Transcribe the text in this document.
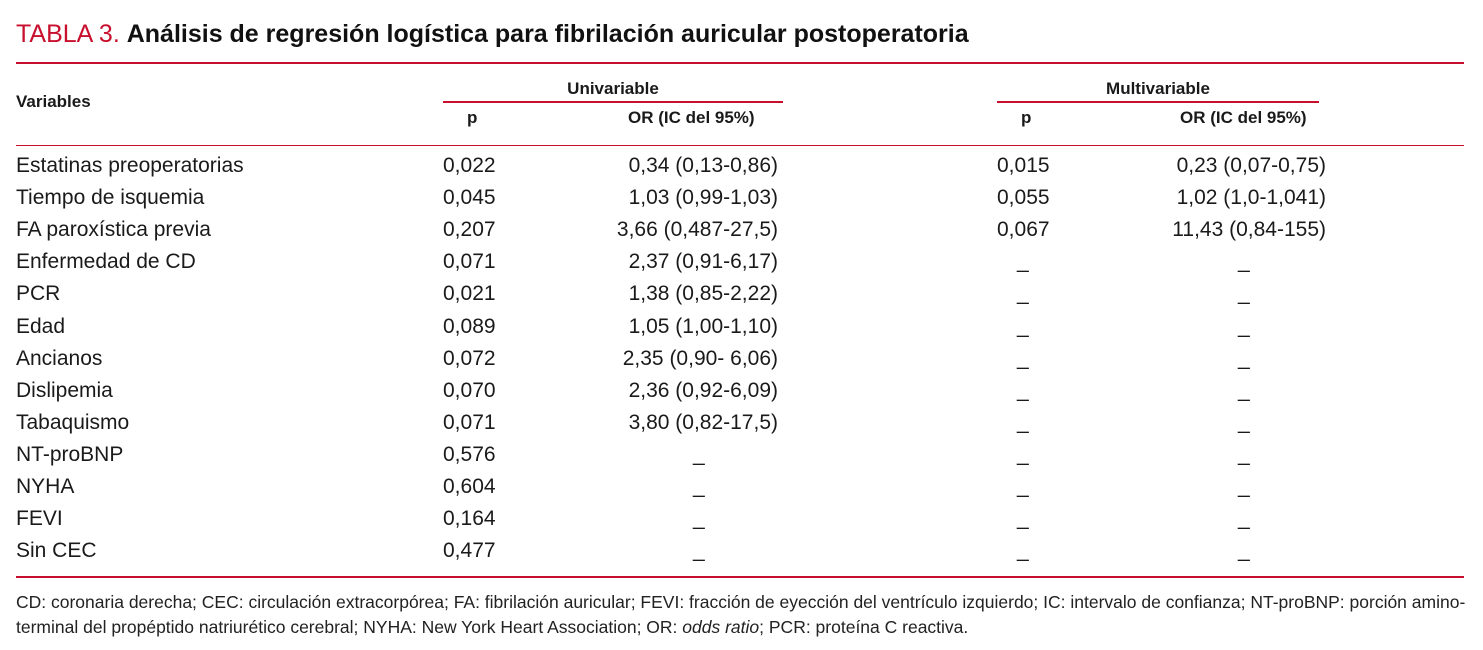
TABLA 3. Análisis de regresión logística para fibrilación auricular postoperatoria
Variables
Univariable
p	OR (IC del 95%)
Multivariable
p	OR (IC del 95%)
Estatinas preoperatorias	0,022	0,34 (0,13-0,86)	0,015	0,23 (0,07-0,75)
Tiempo de isquemia	0,045	1,03 (0,99-1,03)	0,055	1,02 (1,0-1,041)
FA paroxística previa	0,207	3,66 (0,487-27,5)	0,067	11,43 (0,84-155)
Enfermedad de CD	0,071	2,37 (0,91-6,17)	_	_
PCR	0,021	1,38 (0,85-2,22)	_	_
Edad	0,089	1,05 (1,00-1,10)	_	_
Ancianos	0,072	2,35 (0,90- 6,06)	_	_
Dislipemia	0,070	2,36 (0,92-6,09)	_	_
Tabaquismo	0,071	3,80 (0,82-17,5)	_	_
NT-proBNP	0,576	_	_	_
NYHA	0,604	_	_	_
FEVI	0,164	_	_	_
Sin CEC	0,477	_	_	_
CD: coronaria derecha; CEC: circulación extracorpórea; FA: fibrilación auricular; FEVI: fracción de eyección del ventrículo izquierdo; IC: intervalo de confianza; NT-proBNP: porción amino-terminal del propéptido natriurético cerebral; NYHA: New York Heart Association; OR: odds ratio; PCR: proteína C reactiva.
